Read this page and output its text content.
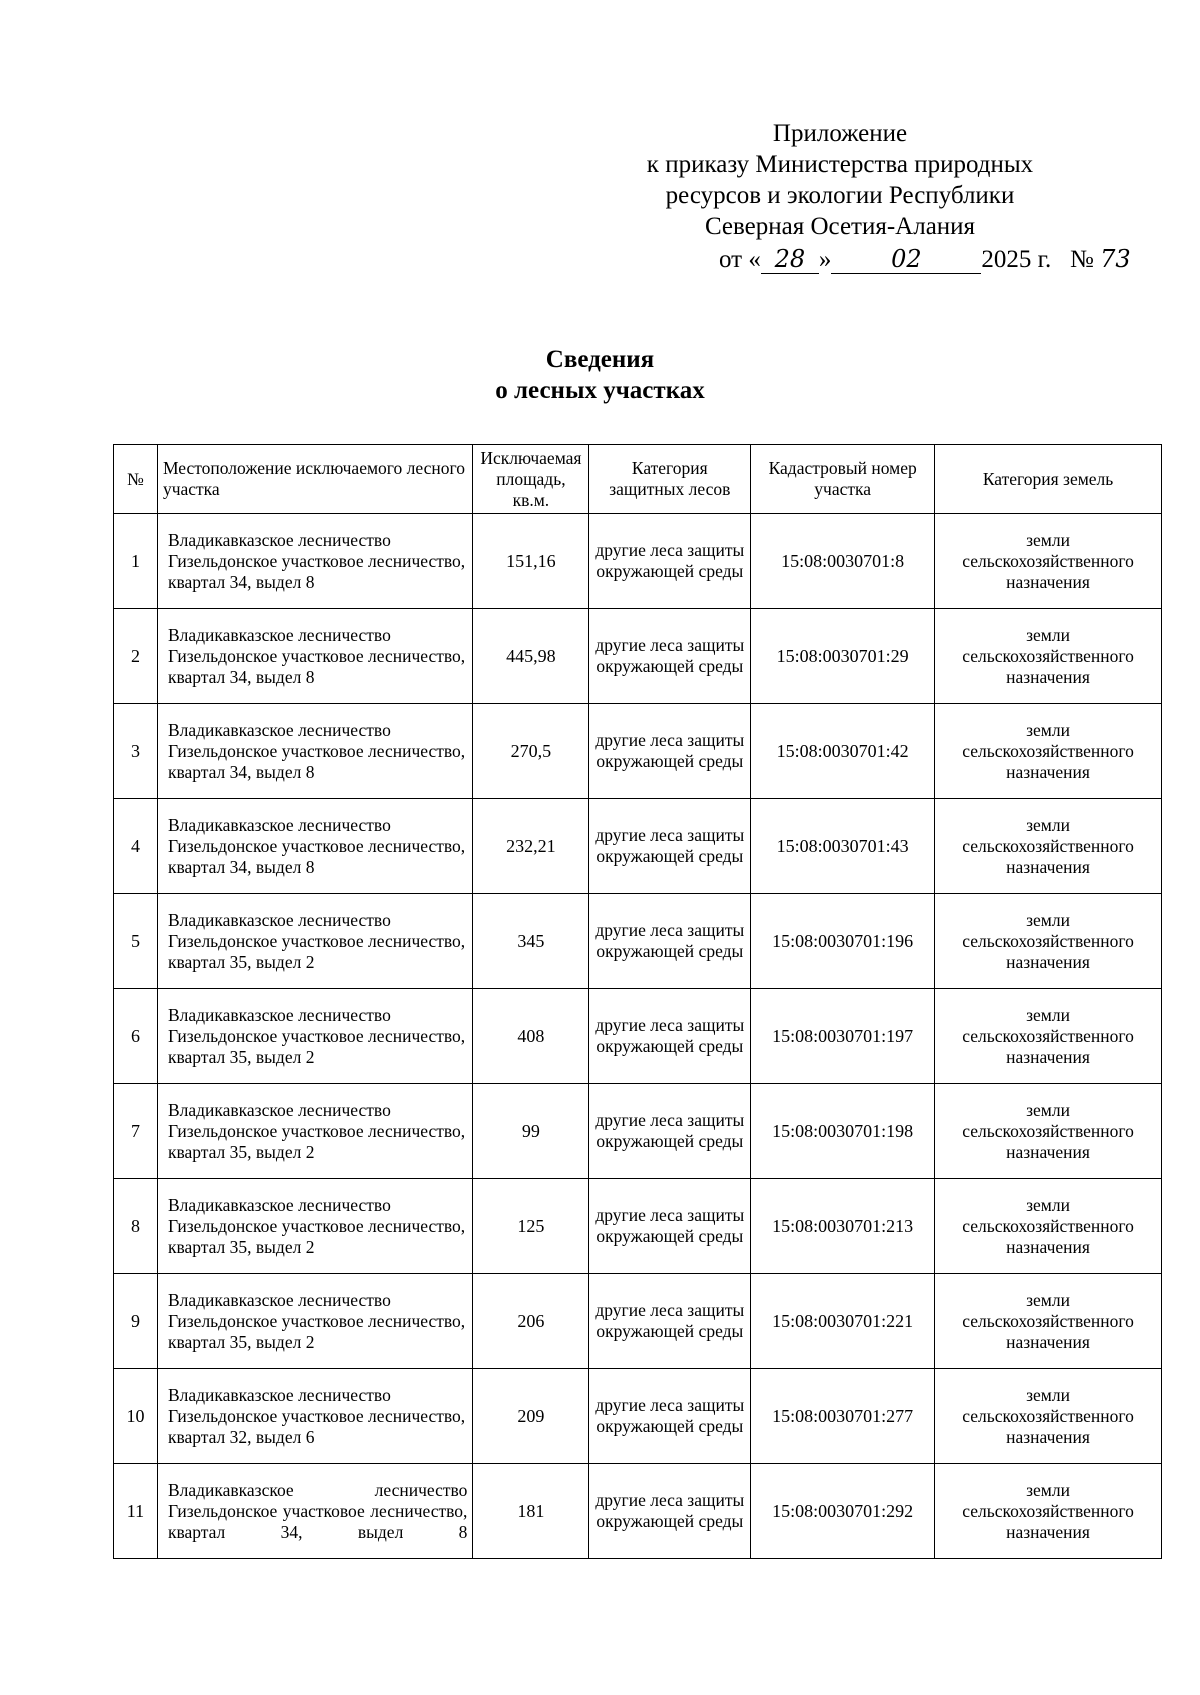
Приложение
к приказу Министерства природных
ресурсов и экологии Республики
Северная Осетия-Алания
от « 28 » 02 2025 г. № 73
Сведения
о лесных участках
№	Местоположение исключаемого лесного участка	Исключаемая площадь, кв.м.	Категория защитных лесов	Кадастровый номер участка	Категория земель
1	Владикавказское лесничество Гизельдонское участковое лесничество, квартал 34, выдел 8	151,16	другие леса защиты окружающей среды	15:08:0030701:8	земли сельскохозяйственного назначения
2	Владикавказское лесничество Гизельдонское участковое лесничество, квартал 34, выдел 8	445,98	другие леса защиты окружающей среды	15:08:0030701:29	земли сельскохозяйственного назначения
3	Владикавказское лесничество Гизельдонское участковое лесничество, квартал 34, выдел 8	270,5	другие леса защиты окружающей среды	15:08:0030701:42	земли сельскохозяйственного назначения
4	Владикавказское лесничество Гизельдонское участковое лесничество, квартал 34, выдел 8	232,21	другие леса защиты окружающей среды	15:08:0030701:43	земли сельскохозяйственного назначения
5	Владикавказское лесничество Гизельдонское участковое лесничество, квартал 35, выдел 2	345	другие леса защиты окружающей среды	15:08:0030701:196	земли сельскохозяйственного назначения
6	Владикавказское лесничество Гизельдонское участковое лесничество, квартал 35, выдел 2	408	другие леса защиты окружающей среды	15:08:0030701:197	земли сельскохозяйственного назначения
7	Владикавказское лесничество Гизельдонское участковое лесничество, квартал 35, выдел 2	99	другие леса защиты окружающей среды	15:08:0030701:198	земли сельскохозяйственного назначения
8	Владикавказское лесничество Гизельдонское участковое лесничество, квартал 35, выдел 2	125	другие леса защиты окружающей среды	15:08:0030701:213	земли сельскохозяйственного назначения
9	Владикавказское лесничество Гизельдонское участковое лесничество, квартал 35, выдел 2	206	другие леса защиты окружающей среды	15:08:0030701:221	земли сельскохозяйственного назначения
10	Владикавказское лесничество Гизельдонское участковое лесничество, квартал 32, выдел 6	209	другие леса защиты окружающей среды	15:08:0030701:277	земли сельскохозяйственного назначения
11	Владикавказское лесничество Гизельдонское участковое лесничество, квартал 34, выдел 8	181	другие леса защиты окружающей среды	15:08:0030701:292	земли сельскохозяйственного назначения
